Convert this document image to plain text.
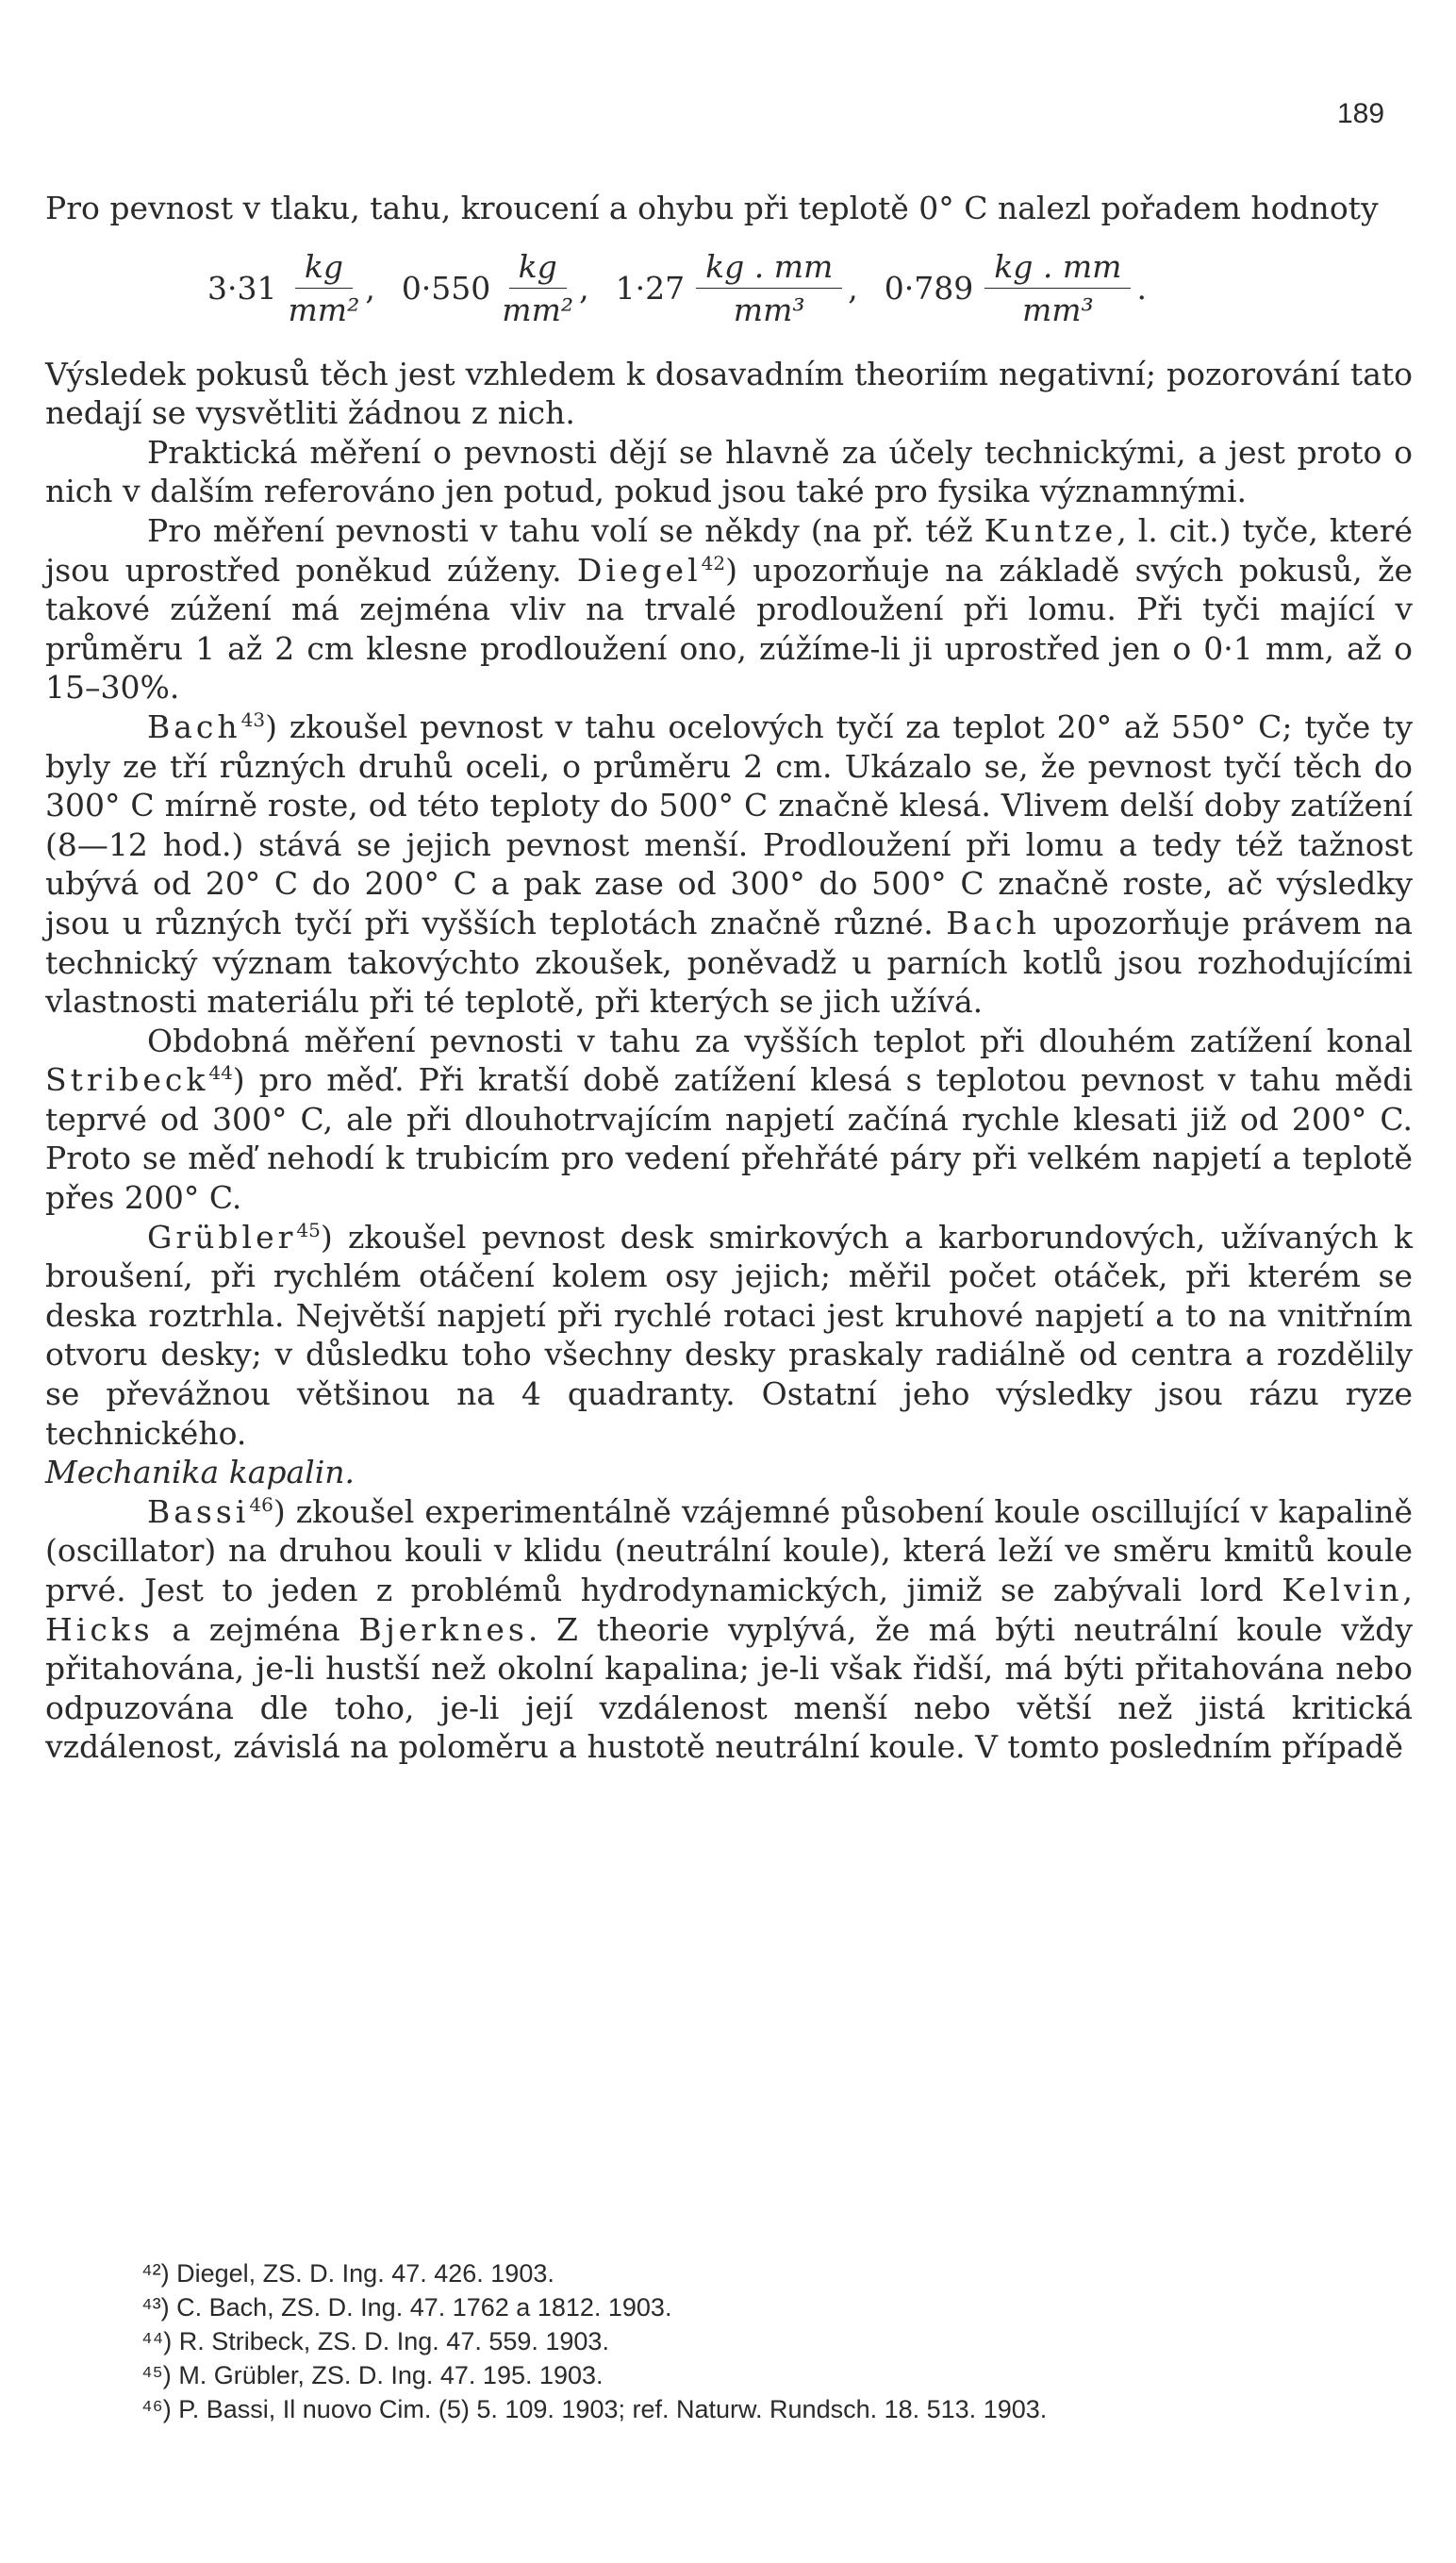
189

Pro pevnost v tlaku, tahu, kroucení a ohybu při teplotě 0° C nalezl pořadem hodnoty

$3\cdot 31 \frac{kg}{\text{mm²}}$ , $0\cdot 550 \frac{kg}{\text{mm²}}$ , $1\cdot 27 \frac{kg . mm}{\text{mm³}}$ , $0\cdot 789 \frac{kg . mm}{\text{mm³}}$ .

Výsledek pokusů těch jest vzhledem k dosavadním theoriím negativní; pozorování tato nedají se vysvětliti žádnou z nich.

Praktická měření o pevnosti dějí se hlavně za účely technickými, a jest proto o nich v dalším referováno jen potud, pokud jsou také pro fysika významnými.

Pro měření pevnosti v tahu volí se někdy (na př. též Kuntze, l. cit.) tyče, které jsou uprostřed poněkud zúženy. Diegel$^{42}$) upozorňuje na základě svých pokusů, že takové zúžení má zejména vliv na trvalé prodloužení při lomu. Při tyči mající v průměru 1 až 2 cm klesne prodloužení ono, zúžíme-li ji uprostřed jen o 0·1 mm, až o 15–30%.

Bach$^{43}$) zkoušel pevnost v tahu ocelových tyčí za teplot 20° až 550° C; tyče ty byly ze tří různých druhů oceli, o průměru 2 cm. Ukázalo se, že pevnost tyčí těch do 300° C mírně roste, od této teploty do 500° C značně klesá. Vlivem delší doby zatížení (8—12 hod.) stává se jejich pevnost menší. Prodloužení při lomu a tedy též tažnost ubývá od 20° C do 200° C a pak zase od 300° do 500° C značně roste, ač výsledky jsou u různých tyčí při vyšších teplotách značně různé. Bach upozorňuje právem na technický význam takovýchto zkoušek, poněvadž u parních kotlů jsou rozhodujícími vlastnosti materiálu při té teplotě, při kterých se jich užívá.

Obdobná měření pevnosti v tahu za vyšších teplot při dlouhém zatížení konal Stribeck$^{44}$) pro měď. Při kratší době zatížení klesá s teplotou pevnost v tahu mědi teprvé od 300° C, ale při dlouhotrvajícím napjetí začíná rychle klesati již od 200° C. Proto se měď nehodí k trubicím pro vedení přehřáté páry při velkém napjetí a teplotě přes 200° C.

Grübler$^{45}$) zkoušel pevnost desk smirkových a karborundových, užívaných k broušení, při rychlém otáčení kolem osy jejich; měřil počet otáček, při kterém se deska roztrhla. Největší napjetí při rychlé rotaci jest kruhové napjetí a to na vnitřním otvoru desky; v důsledku toho všechny desky praskaly radiálně od centra a rozdělily se převážnou většinou na 4 quadranty. Ostatní jeho výsledky jsou rázu ryze technického.

Mechanika kapalin.

Bassi$^{46}$) zkoušel experimentálně vzájemné působení koule oscillující v kapalině (oscillator) na druhou kouli v klidu (neutrální koule), která leží ve směru kmitů koule prvé. Jest to jeden z problémů hydrodynamických, jimiž se zabývali lord Kelvin, Hicks a zejména Bjerknes. Z theorie vyplývá, že má býti neutrální koule vždy přitahována, je-li hustší než okolní kapalina; je-li však řidší, má býti přitahována nebo odpuzována dle toho, je-li její vzdálenost menší nebo větší než jistá kritická vzdálenost, závislá na poloměru a hustotě neutrální koule. V tomto posledním případě

⁴²) Diegel, ZS. D. Ing. 47. 426. 1903.
⁴³) C. Bach, ZS. D. Ing. 47. 1762 a 1812. 1903.
⁴⁴) R. Stribeck, ZS. D. Ing. 47. 559. 1903.
⁴⁵) M. Grübler, ZS. D. Ing. 47. 195. 1903.
⁴⁶) P. Bassi, Il nuovo Cim. (5) 5. 109. 1903; ref. Naturw. Rundsch. 18. 513. 1903.
